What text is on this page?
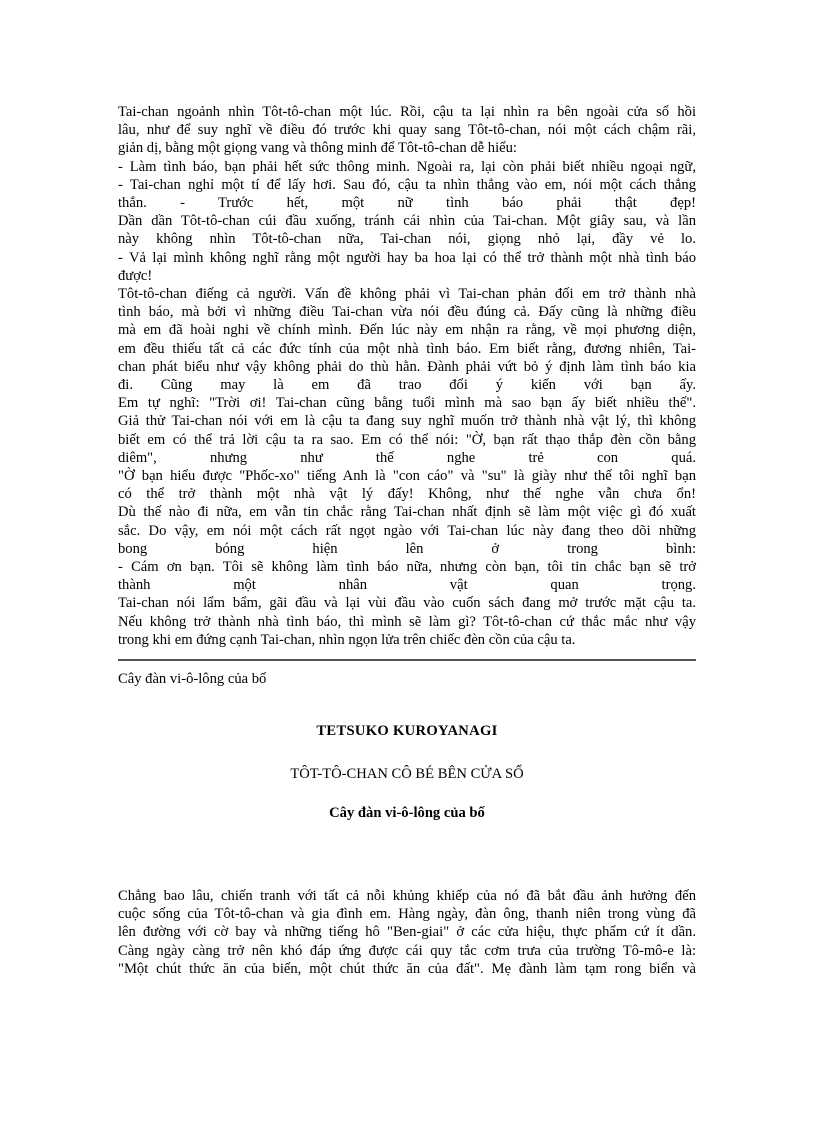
Tai-chan ngoảnh nhìn Tôt-tô-chan một lúc. Rồi, cậu ta lại nhìn ra bên ngoài cửa sổ hồi

lâu, như để suy nghĩ về điều đó trước khi quay sang Tôt-tô-chan, nói một cách chậm rãi,

giản dị, bằng một giọng vang và thông minh để Tôt-tô-chan dễ hiểu:

- Làm tình báo, bạn phải hết sức thông minh. Ngoài ra, lại còn phải biết nhiều ngoại ngữ,

- Tai-chan nghỉ một tí để lấy hơi. Sau đó, cậu ta nhìn thẳng vào em, nói một cách thẳng

thắn. - Trước hết, một nữ tình báo phải thật đẹp!

Dần dần Tôt-tô-chan cúi đầu xuống, tránh cái nhìn của Tai-chan. Một giây sau, và lần

này không nhìn Tôt-tô-chan nữa, Tai-chan nói, giọng nhỏ lại, đầy vẻ lo.

- Vả lại mình không nghĩ rằng một người hay ba hoa lại có thể trở thành một nhà tình báo

được!

Tôt-tô-chan điếng cả người. Vấn đề không phải vì Tai-chan phản đối em trở thành nhà

tình báo, mà bởi vì những điều Tai-chan vừa nói đều đúng cả. Đấy cũng là những điều

mà em đã hoài nghi về chính mình. Đến lúc này em nhận ra rằng, về mọi phương diện,

em đều thiếu tất cả các đức tính của một nhà tình báo. Em biết rằng, đương nhiên, Tai-

chan phát biểu như vậy không phải do thù hằn. Đành phải vứt bỏ ý định làm tình báo kia

đi. Cũng may là em đã trao đổi ý kiến với bạn ấy.

Em tự nghĩ: "Trời ơi! Tai-chan cũng bằng tuổi mình mà sao bạn ấy biết nhiều thế".

Giả thử Tai-chan nói với em là cậu ta đang suy nghĩ muốn trở thành nhà vật lý, thì không

biết em có thể trả lời cậu ta ra sao. Em có thể nói: "Ờ, bạn rất thạo thắp đèn cồn bằng

diêm", nhưng như thế nghe trẻ con quá.

"Ờ bạn hiểu được "Phốc-xo" tiếng Anh là "con cáo" và "su" là giày như thế tôi nghĩ bạn

có thể trở thành một nhà vật lý đấy! Không, như thế nghe vẫn chưa ổn!

Dù thế nào đi nữa, em vẫn tin chắc rằng Tai-chan nhất định sẽ làm một việc gì đó xuất

sắc. Do vậy, em nói một cách rất ngọt ngào với Tai-chan lúc này đang theo dõi những

bong bóng hiện lên ở trong bình:

- Cám ơn bạn. Tôi sẽ không làm tình báo nữa, nhưng còn bạn, tôi tin chắc bạn sẽ trở

thành một nhân vật quan trọng.

Tai-chan nói lẩm bẩm, gãi đầu và lại vùi đầu vào cuốn sách đang mở trước mặt cậu ta.

Nếu không trở thành nhà tình báo, thì mình sẽ làm gì? Tôt-tô-chan cứ thắc mắc như vậy

trong khi em đứng cạnh Tai-chan, nhìn ngọn lửa trên chiếc đèn cồn của cậu ta.

Cây đàn vi-ô-lông của bố
TETSUKO KUROYANAGI
TÔT-TÔ-CHAN CÔ BÉ BÊN CỬA SỔ
Cây đàn vi-ô-lông của bố

Chẳng bao lâu, chiến tranh với tất cả nỗi khủng khiếp của nó đã bắt đầu ảnh hưởng đến

cuộc sống của Tôt-tô-chan và gia đình em. Hàng ngày, đàn ông, thanh niên trong vùng đã

lên đường với cờ bay và những tiếng hô "Ben-giai" ở các cửa hiệu, thực phẩm cứ ít dần.

Càng ngày càng trở nên khó đáp ứng được cái quy tắc cơm trưa của trường Tô-mô-e là:

"Một chút thức ăn của biển, một chút thức ăn của đất". Mẹ đành làm tạm rong biển và
